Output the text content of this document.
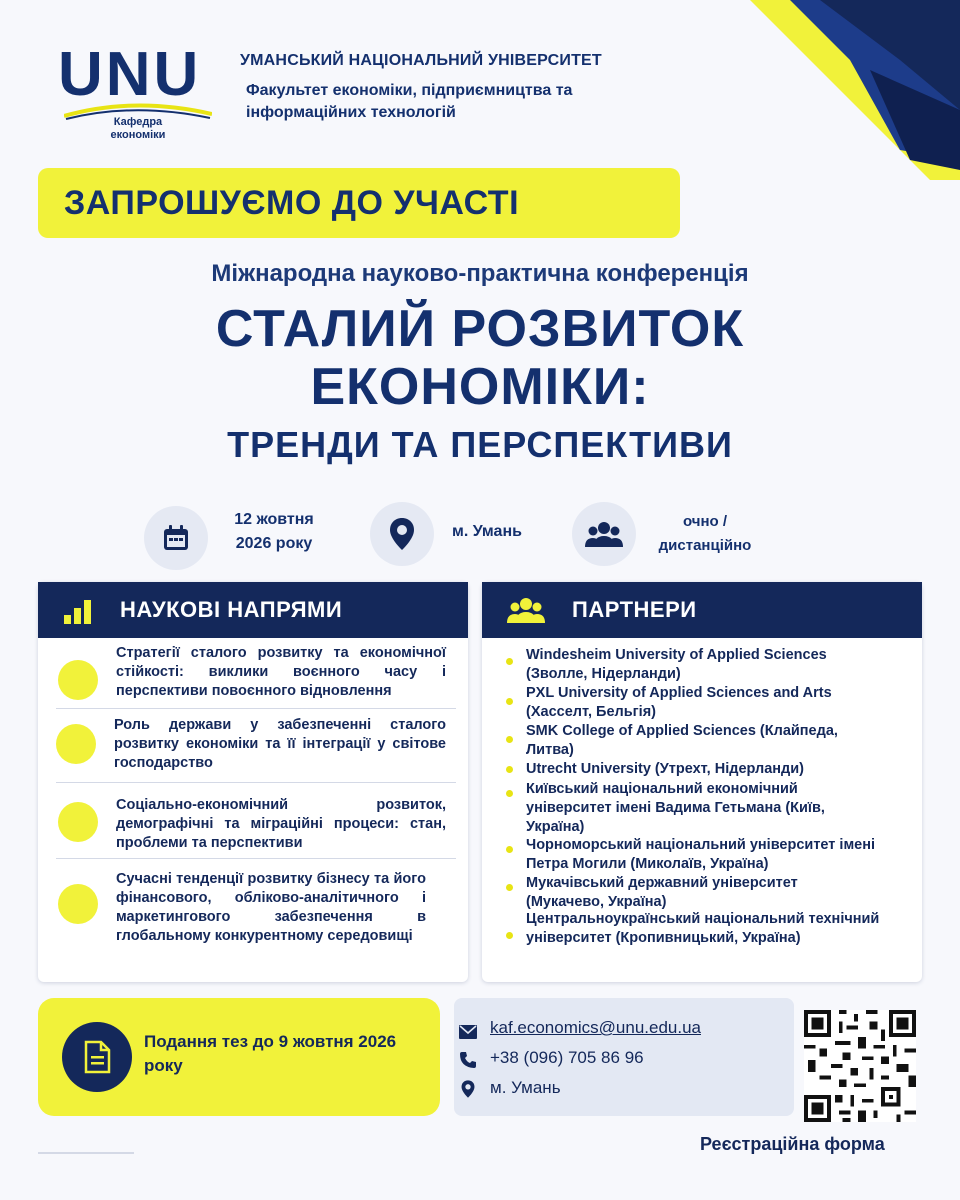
UNU
Кафедра економіки
УМАНСЬКИЙ НАЦІОНАЛЬНИЙ УНІВЕРСИТЕТ
Факультет економіки, підприємництва та інформаційних технологій
ЗАПРОШУЄМО ДО УЧАСТІ
Міжнародна науково-практична конференція
СТАЛИЙ РОЗВИТОК
ЕКОНОМІКИ:
ТРЕНДИ ТА ПЕРСПЕКТИВИ
12 жовтня
2026 року
м. Умань
очно /
дистанційно
НАУКОВІ НАПРЯМИ
Стратегії сталого розвитку та економічної стійкості: виклики воєнного часу і перспективи повоєнного відновлення
Роль держави у забезпеченні сталого розвитку економіки та її інтеграції у світове господарство
Соціально-економічний розвиток, демографічні та міграційні процеси: стан, проблеми та перспективи
Сучасні тенденції розвитку бізнесу та його фінансового, обліково-аналітичного і маркетингового забезпечення в глобальному конкурентному середовищі
ПАРТНЕРИ
Windesheim University of Applied Sciences (Зволле, Нідерланди)
PXL University of Applied Sciences and Arts (Хасселт, Бельгія)
SMK College of Applied Sciences (Клайпеда, Литва)
Utrecht University (Утрехт, Нідерланди)
Київський національний економічний університет імені Вадима Гетьмана (Київ, Україна)
Чорноморський національний університет імені Петра Могили (Миколаїв, Україна)
Мукачівський державний університет (Мукачево, Україна)
Центральноукраїнський національний технічний університет (Кропивницький, Україна)
Подання тез до 9 жовтня 2026 року
kaf.economics@unu.edu.ua
+38 (096) 705 86 96
м. Умань
Реєстраційна форма
